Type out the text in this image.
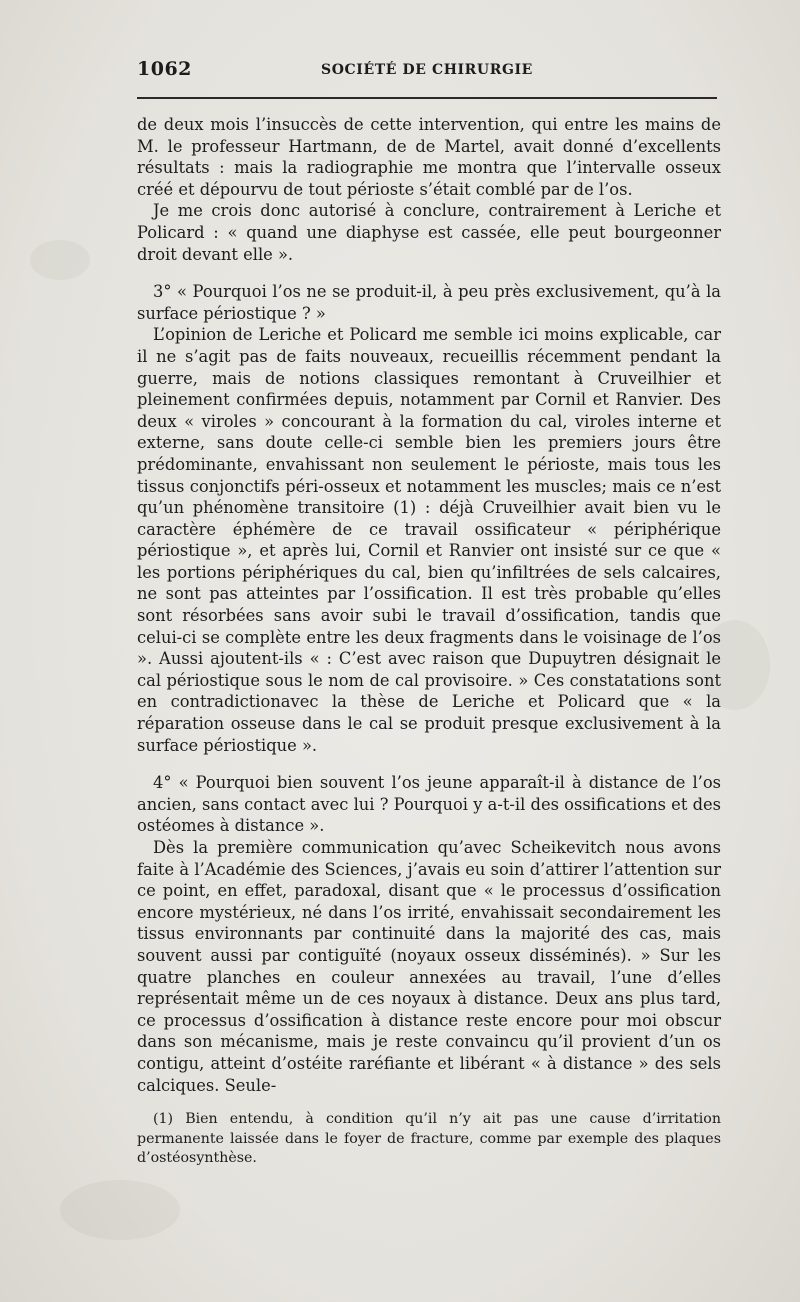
1062	SOCIÉTÉ DE CHIRURGIE

de deux mois l’insuccès de cette intervention, qui entre les mains de M. le professeur Hartmann, de de Martel, avait donné d’excellents résultats : mais la radiographie me montra que l’intervalle osseux créé et dépourvu de tout périoste s’était comblé par de l’os.

Je me crois donc autorisé à conclure, contrairement à Leriche et Policard : « quand une diaphyse est cassée, elle peut bourgeonner droit devant elle ».

3° « Pourquoi l’os ne se produit-il, à peu près exclusivement, qu’à la surface périostique ? »

L’opinion de Leriche et Policard me semble ici moins explicable, car il ne s’agit pas de faits nouveaux, recueillis récemment pendant la guerre, mais de notions classiques remontant à Cruveilhier et pleinement confirmées depuis, notamment par Cornil et Ranvier. Des deux « viroles » concourant à la formation du cal, viroles interne et externe, sans doute celle-ci semble bien les premiers jours être prédominante, envahissant non seulement le périoste, mais tous les tissus conjonctifs péri-osseux et notamment les muscles; mais ce n’est qu’un phénomène transitoire (1) : déjà Cruveilhier avait bien vu le caractère éphémère de ce travail ossificateur « périphérique périostique », et après lui, Cornil et Ranvier ont insisté sur ce que « les portions périphériques du cal, bien qu’infiltrées de sels calcaires, ne sont pas atteintes par l’ossification. Il est très probable qu’elles sont résorbées sans avoir subi le travail d’ossification, tandis que celui-ci se complète entre les deux fragments dans le voisinage de l’os ». Aussi ajoutent-ils « : C’est avec raison que Dupuytren désignait le cal périostique sous le nom de cal provisoire. » Ces constatations sont en contradictionavec la thèse de Leriche et Policard que « la réparation osseuse dans le cal se produit presque exclusivement à la surface périostique ».

4° « Pourquoi bien souvent l’os jeune apparaît-il à distance de l’os ancien, sans contact avec lui ? Pourquoi y a-t-il des ossifications et des ostéomes à distance ».

Dès la première communication qu’avec Scheikevitch nous avons faite à l’Académie des Sciences, j’avais eu soin d’attirer l’attention sur ce point, en effet, paradoxal, disant que « le processus d’ossification encore mystérieux, né dans l’os irrité, envahissait secondairement les tissus environnants par continuité dans la majorité des cas, mais souvent aussi par contiguïté (noyaux osseux disséminés). » Sur les quatre planches en couleur annexées au travail, l’une d’elles représentait même un de ces noyaux à distance. Deux ans plus tard, ce processus d’ossification à distance reste encore pour moi obscur dans son mécanisme, mais je reste convaincu qu’il provient d’un os contigu, atteint d’ostéite raréfiante et libérant « à distance » des sels calciques. Seule-

(1) Bien entendu, à condition qu’il n’y ait pas une cause d’irritation permanente laissée dans le foyer de fracture, comme par exemple des plaques d’ostéosynthèse.
